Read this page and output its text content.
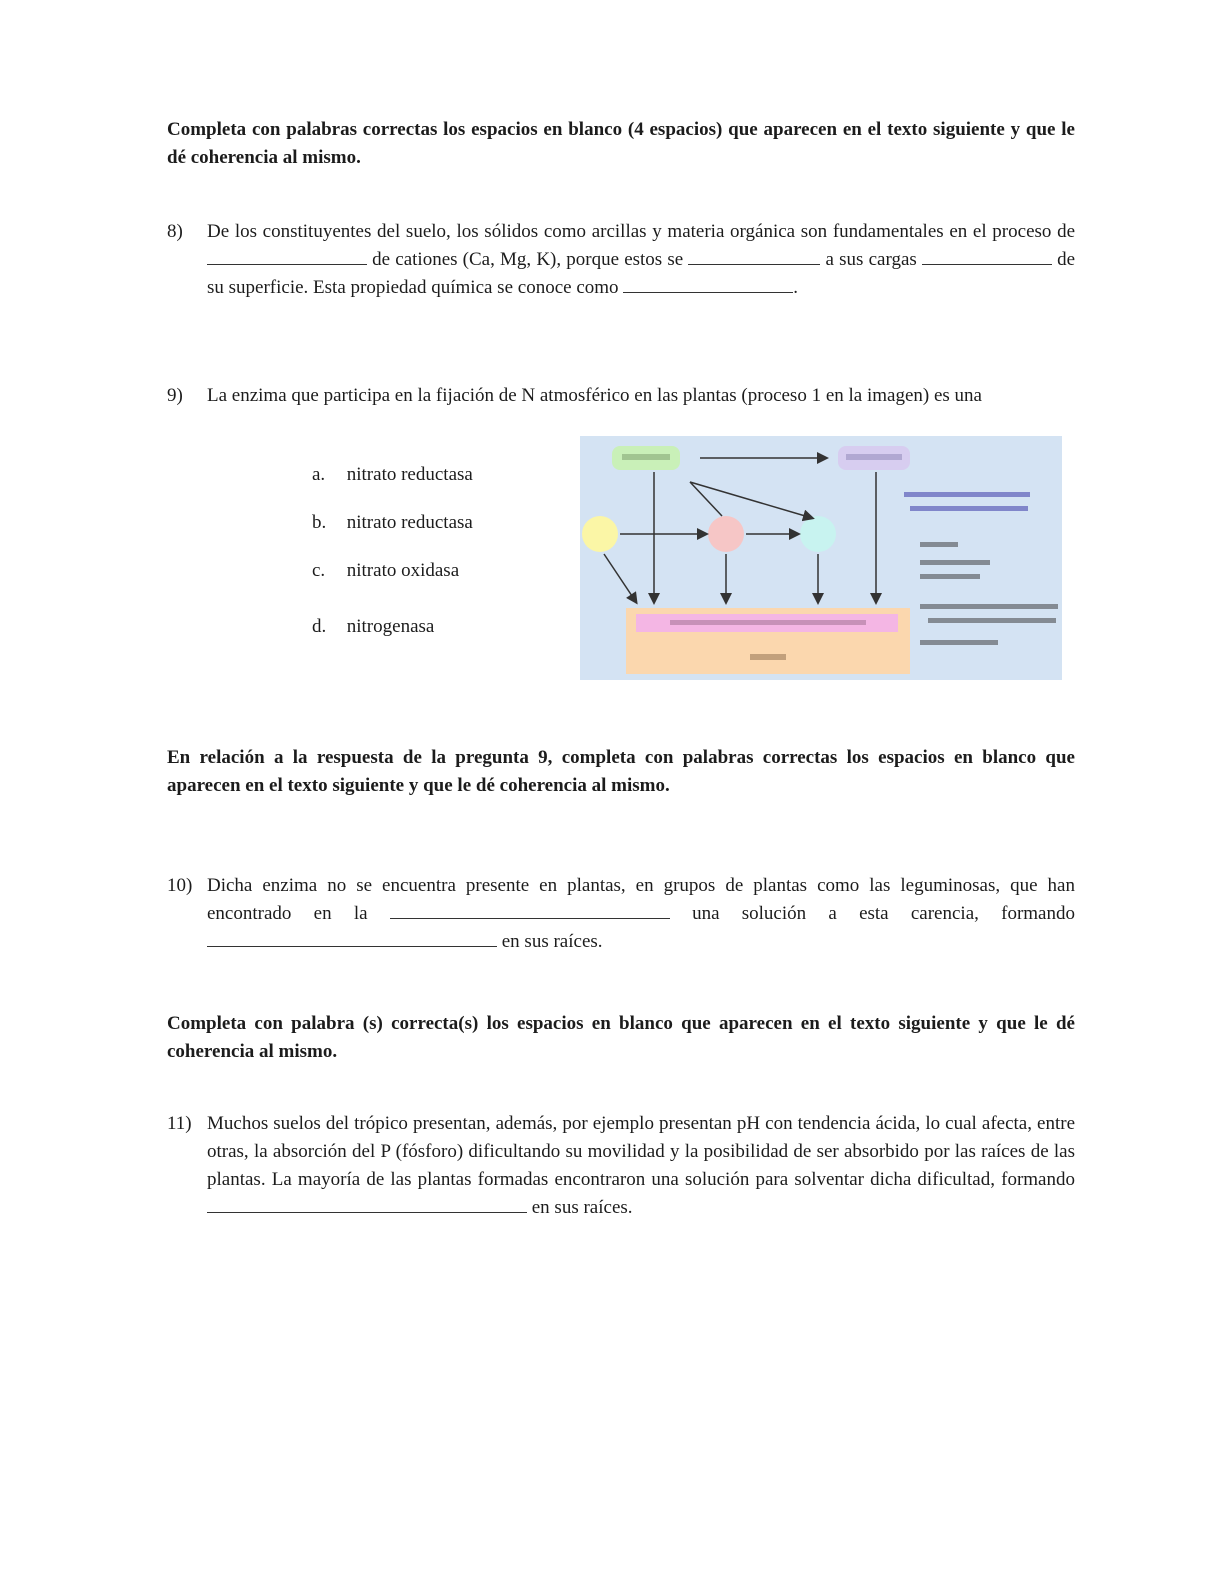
Completa con palabras correctas los espacios en blanco (4 espacios) que aparecen en el texto siguiente y que le dé coherencia al mismo.
8)	De los constituyentes del suelo, los sólidos como arcillas y materia orgánica son fundamentales en el proceso de  de cationes (Ca, Mg, K), porque estos se	a sus cargas	de su superficie. Esta propiedad química se conoce como	.
9)	La enzima que participa en la fijación de N atmosférico en las plantas (proceso 1 en la imagen) es una
a. nitrato reductasa
b. nitrato reductasa
c. nitrato oxidasa
d. nitrogenasa
En relación a la respuesta de la pregunta 9, completa con palabras correctas los espacios en blanco que aparecen en el texto siguiente y que le dé coherencia al mismo.
10) Dicha enzima no se encuentra presente en plantas, en grupos de plantas como las leguminosas, que han encontrado en la	una solución a esta carencia, formando  en sus raíces.
Completa con palabra (s) correcta(s) los espacios en blanco que aparecen en el texto siguiente y que le dé coherencia al mismo.
11) Muchos suelos del trópico presentan, además, por ejemplo presentan pH con tendencia ácida, lo cual afecta, entre otras, la absorción del P (fósforo) dificultando su movilidad y la posibilidad de ser absorbido por las raíces de las plantas. La mayoría de las plantas formadas encontraron una solución para solventar dicha dificultad, formando  en sus raíces.
